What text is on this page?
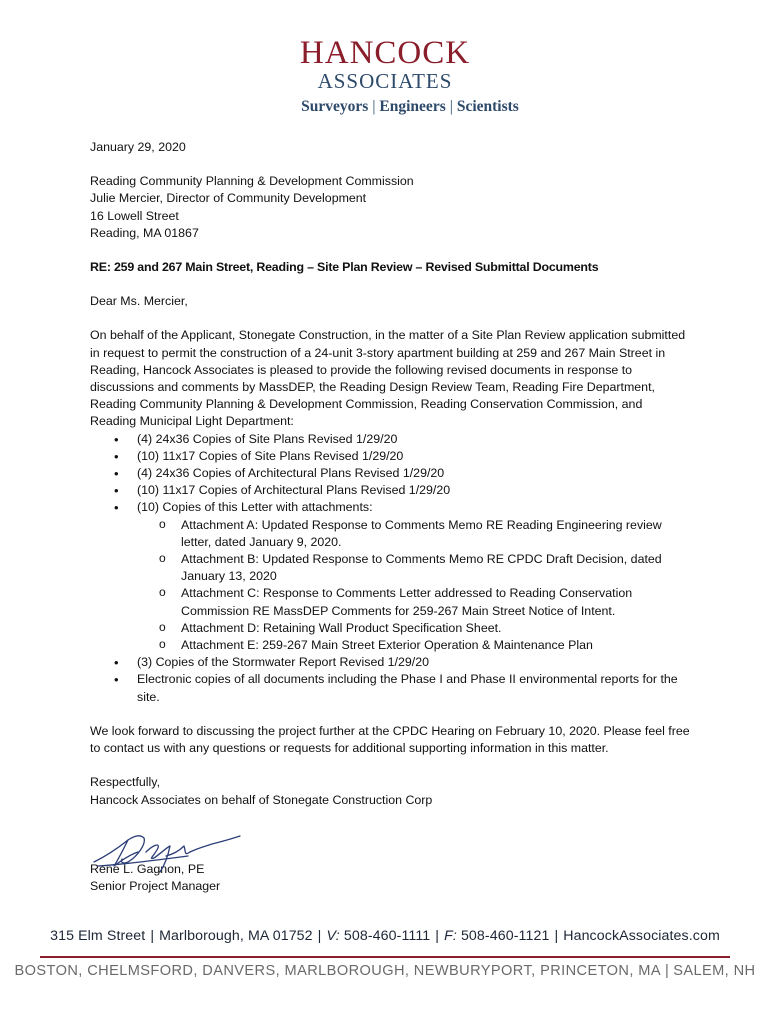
HANCOCK
ASSOCIATES
Surveyors | Engineers | Scientists

January 29, 2020

Reading Community Planning & Development Commission

Julie Mercier, Director of Community Development

16 Lowell Street

Reading, MA 01867

RE: 259 and 267 Main Street, Reading – Site Plan Review – Revised Submittal Documents

Dear Ms. Mercier,

On behalf of the Applicant, Stonegate Construction, in the matter of a Site Plan Review application submitted in request to permit the construction of a 24-unit 3-story apartment building at 259 and 267 Main Street in Reading, Hancock Associates is pleased to provide the following revised documents in response to discussions and comments by MassDEP, the Reading Design Review Team, Reading Fire Department, Reading Community Planning & Development Commission, Reading Conservation Commission, and Reading Municipal Light Department:

• (4) 24x36 Copies of Site Plans Revised 1/29/20
• (10) 11x17 Copies of Site Plans Revised 1/29/20
• (4) 24x36 Copies of Architectural Plans Revised 1/29/20
• (10) 11x17 Copies of Architectural Plans Revised 1/29/20
• (10) Copies of this Letter with attachments:
o Attachment A: Updated Response to Comments Memo RE Reading Engineering review letter, dated January 9, 2020.
o Attachment B: Updated Response to Comments Memo RE CPDC Draft Decision, dated January 13, 2020
o Attachment C: Response to Comments Letter addressed to Reading Conservation Commission RE MassDEP Comments for 259-267 Main Street Notice of Intent.
o Attachment D: Retaining Wall Product Specification Sheet.
o Attachment E: 259-267 Main Street Exterior Operation & Maintenance Plan
• (3) Copies of the Stormwater Report Revised 1/29/20
• Electronic copies of all documents including the Phase I and Phase II environmental reports for the site.

We look forward to discussing the project further at the CPDC Hearing on February 10, 2020. Please feel free to contact us with any questions or requests for additional supporting information in this matter.

Respectfully,

Hancock Associates on behalf of Stonegate Construction Corp

Rene L. Gagnon, PE

Senior Project Manager

315 Elm Street | Marlborough, MA 01752 | V: 508-460-1111 | F: 508-460-1121 | HancockAssociates.com
BOSTON, CHELMSFORD, DANVERS, MARLBOROUGH, NEWBURYPORT, PRINCETON, MA | SALEM, NH
